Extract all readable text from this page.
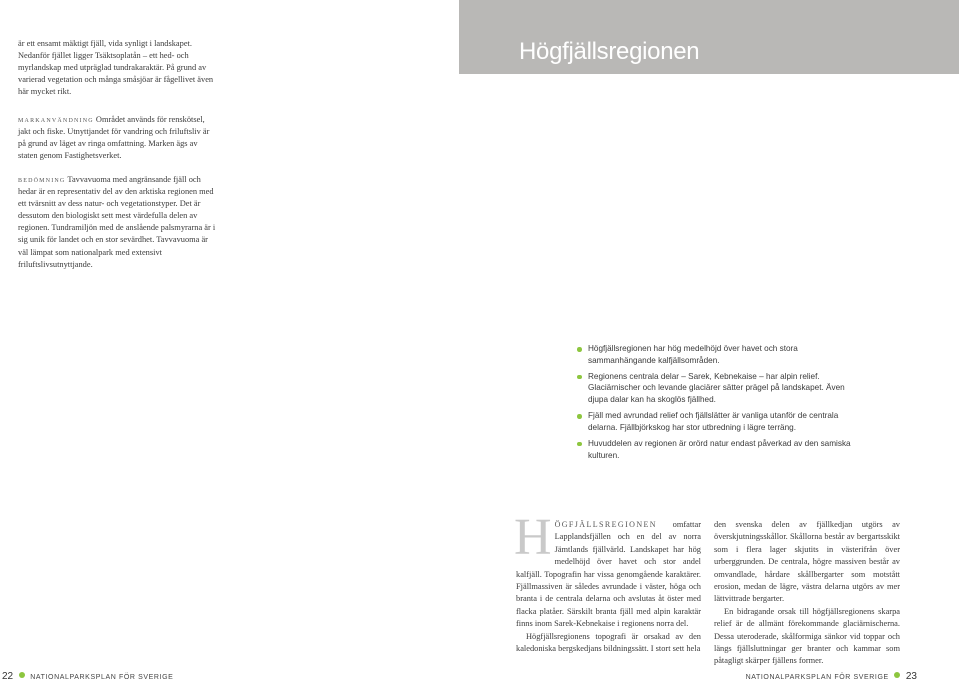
är ett ensamt mäktigt fjäll, vida synligt i landskapet. Nedanför fjället ligger Tsäktsoplatån – ett hed- och myrlandskap med utpräglad tundrakaraktär. På grund av varierad vegetation och många småsjöar är fågellivet även här mycket rikt.

markanvändning Området används för renskötsel, jakt och fiske. Utnyttjandet för vandring och friluftsliv är på grund av läget av ringa omfattning. Marken ägs av staten genom Fastighetsverket.

bedömning Tavvavuoma med angränsande fjäll och hedar är en representativ del av den arktiska regionen med ett tvärsnitt av dess natur- och vegetationstyper. Det är dessutom den biologiskt sett mest värdefulla delen av regionen. Tundramiljön med de anslående palsmyrarna är i sig unik för landet och en stor sevärdhet. Tavvavuoma är väl lämpat som nationalpark med extensivt friluftslivsutnyttjande.

Högfjällsregionen
Högfjällsregionen har hög medelhöjd över havet och stora sammanhängande kalfjällsområden.
Regionens centrala delar – Sarek, Kebnekaise – har alpin relief. Glaciärnischer och levande glaciärer sätter prägel på landskapet. Även djupa dalar kan ha skoglös fjällhed.
Fjäll med avrundad relief och fjällslätter är vanliga utanför de centrala delarna. Fjällbjörkskog har stor utbredning i lägre terräng.
Huvuddelen av regionen är orörd natur endast påverkad av den samiska kulturen.

HÖGFJÄLLSREGIONEN omfattar Lapplandsfjällen och en del av norra Jämtlands fjällvärld. Landskapet har hög medelhöjd över havet och stor andel kalfjäll. Topografin har vissa genomgående karaktärer. Fjällmassiven är således avrundade i väster, höga och branta i de centrala delarna och avslutas åt öster med flacka platåer. Särskilt branta fjäll med alpin karaktär finns inom Sarek-Kebnekaise i regionens norra del.

Högfjällsregionens topografi är orsakad av den kaledoniska bergskedjans bildningssätt. I stort sett hela

den svenska delen av fjällkedjan utgörs av överskjutningsskållor. Skållorna består av bergartsskikt som i flera lager skjutits in västerifrån över urberggrunden. De centrala, högre massiven består av omvandlade, hårdare skållbergarter som motstått erosion, medan de lägre, västra delarna utgörs av mer lättvittrade bergarter.

En bidragande orsak till högfjällsregionens skarpa relief är de allmänt förekommande glaciärnischerna. Dessa uteroderade, skålformiga sänkor vid toppar och längs fjällsluttningar ger branter och kammar som påtagligt skärper fjällens former.

22 NATIONALPARKSPLAN FÖR SVERIGE	NATIONALPARKSPLAN FÖR SVERIGE 23
